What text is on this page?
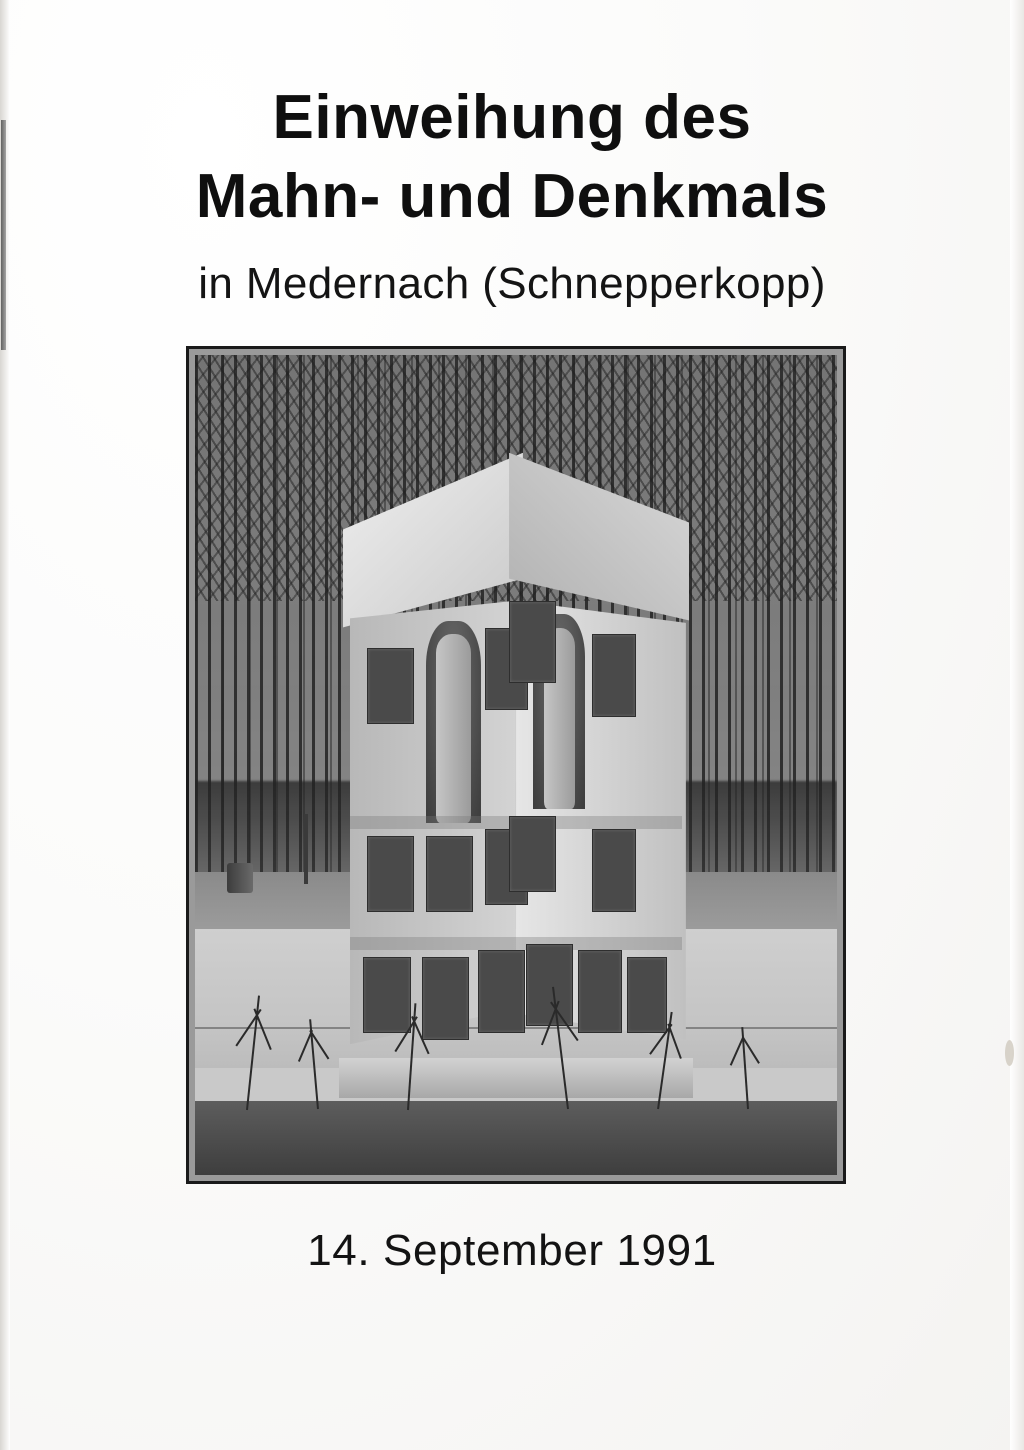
Einweihung des
Mahn- und Denkmals
in Medernach (Schnepperkopp)
14. September 1991
